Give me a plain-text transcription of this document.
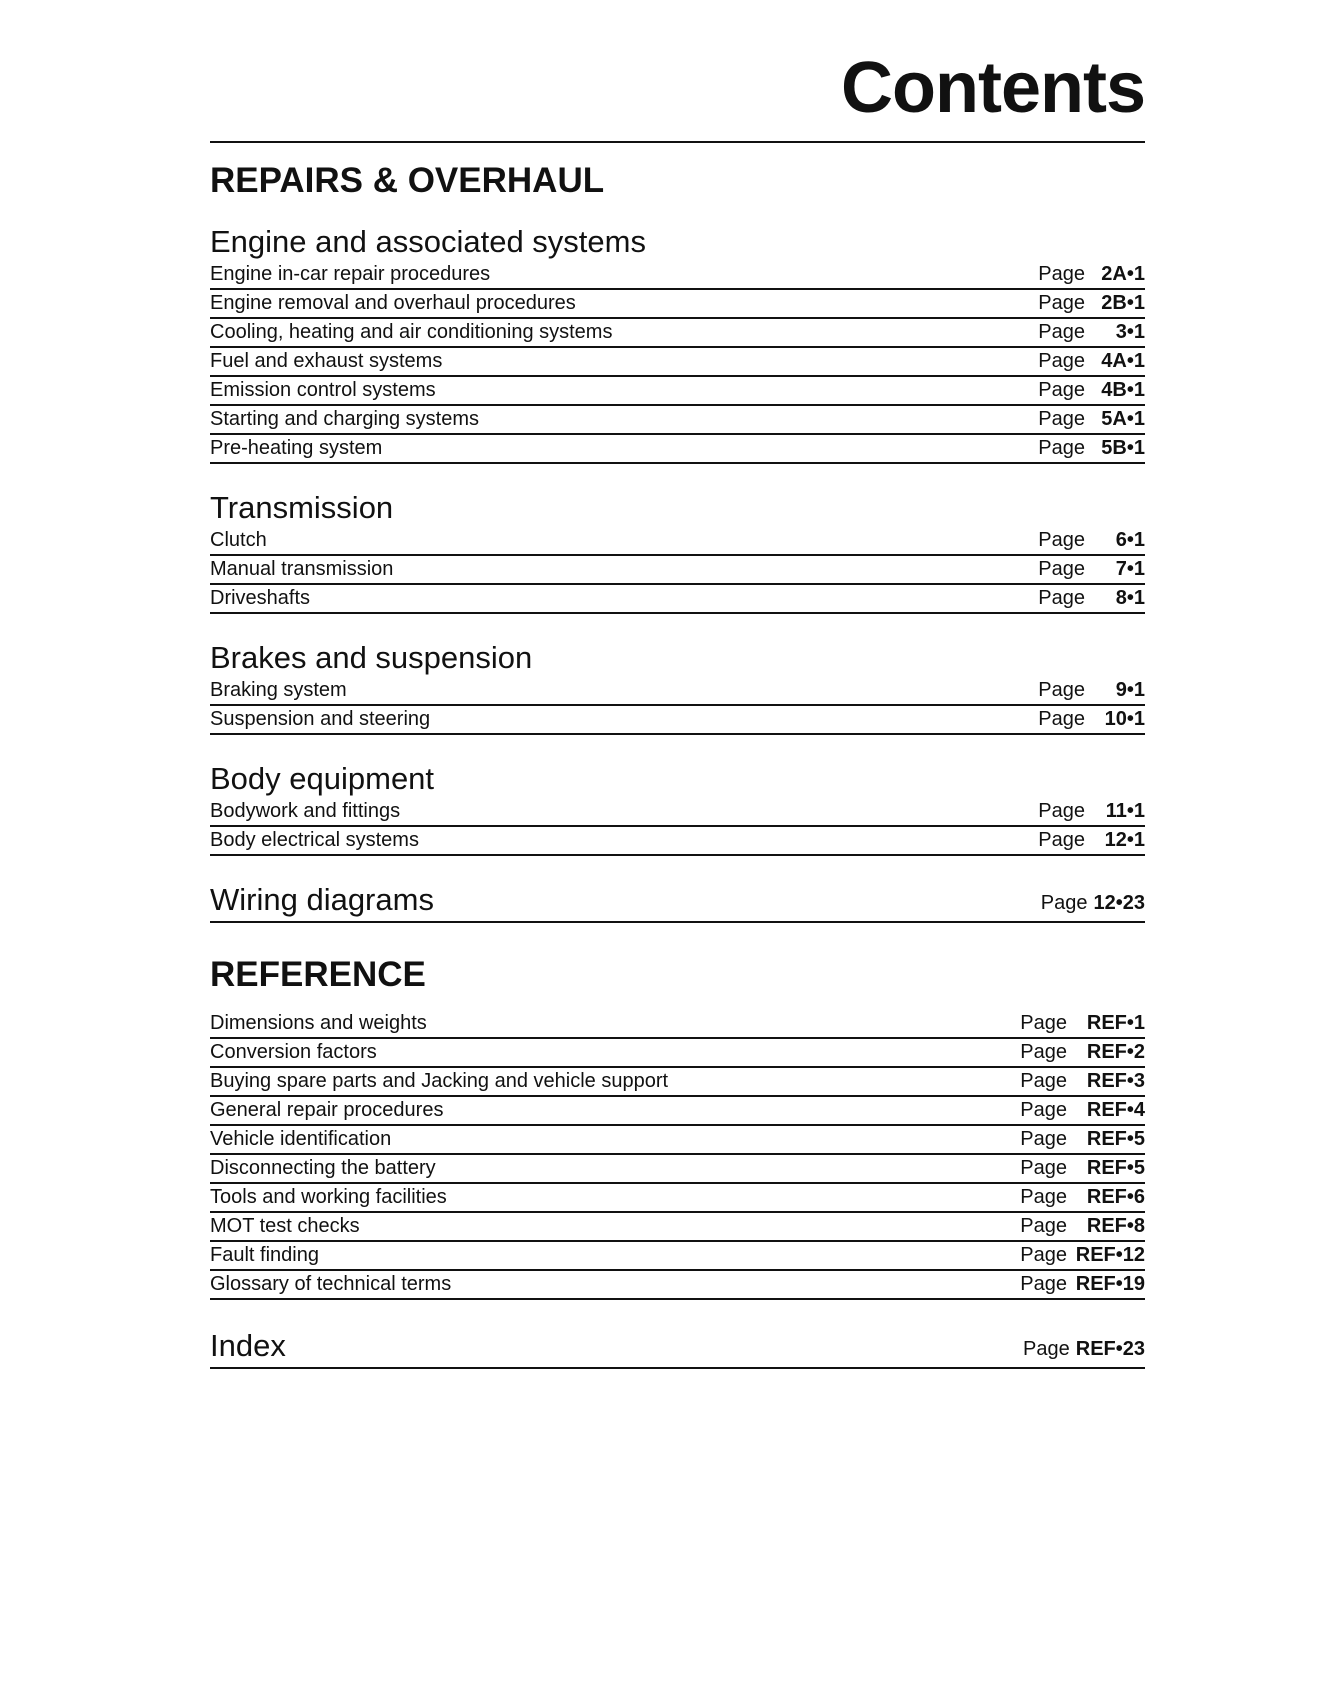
Contents
REPAIRS & OVERHAUL
Engine and associated systems
Engine in-car repair procedures	Page 2A•1
Engine removal and overhaul procedures	Page 2B•1
Cooling, heating and air conditioning systems	Page	3•1
Fuel and exhaust systems	Page 4A•1
Emission control systems	Page 4B•1
Starting and charging systems	Page 5A•1
Pre-heating system	Page 5B•1
Transmission
Clutch	Page	6•1
Manual transmission	Page	7•1
Driveshafts	Page	8•1
Brakes and suspension
Braking system	Page	9•1
Suspension and steering	Page 10•1
Body equipment
Bodywork and fittings	Page	11•1
Body electrical systems	Page 12•1
Wiring diagrams	Page 12•23
REFERENCE
Dimensions and weights	Page REF•1
Conversion factors	Page REF•2
Buying spare parts and Jacking and vehicle support	Page REF•3
General repair procedures	Page REF•4
Vehicle identification	Page REF•5
Disconnecting the battery	Page REF•5
Tools and working facilities	Page REF•6
MOT test checks	Page REF•8
Fault finding	Page REF•12
Glossary of technical terms	Page REF•19
Index	Page REF•23
